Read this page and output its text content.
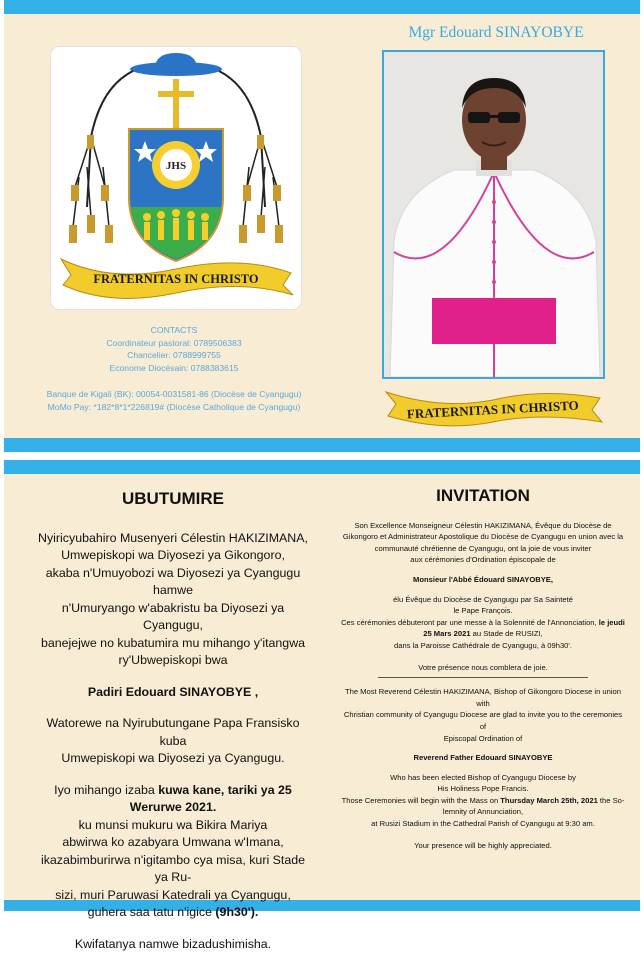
JHS
FRATERNITAS IN CHRISTO
CONTACTS
Coordinateur pastoral: 0789506383
Chancelier: 0788999755
Econome Diocésain: 0788383615
Banque de Kigali (BK): 00054-0031581-86 (Diocèse de Cyangugu)
MoMo Pay: *182*8*1*226819# (Diocèse Catholique de Cyangugu)
Mgr Edouard SINAYOBYE
FRATERNITAS IN CHRISTO
UBUTUMIRE

Nyiricyubahiro Musenyeri Célestin HAKIZIMANA,

Umwepiskopi wa Diyosezi ya Gikongoro,

akaba n'Umuyobozi wa Diyosezi ya Cyangugu hamwe

n'Umuryango w'abakristu ba Diyosezi ya Cyangugu,

banejejwe no kubatumira mu mihango y'itangwa

ry'Ubwepiskopi bwa

Padiri Edouard SINAYOBYE ,

Watorewe na Nyirubutungane Papa Fransisko kuba

Umwepiskopi wa Diyosezi ya Cyangugu.

Iyo mihango izaba kuwa kane, tariki ya 25 Werurwe 2021.

ku munsi mukuru wa Bikira Mariya

abwirwa ko azabyara Umwana w'Imana,

ikazabimburirwa n'igitambo cya misa, kuri Stade ya Ru-

sizi, muri Paruwasi Katedrali ya Cyangugu,

guhera saa tatu n'igice (9h30').

Kwifatanya namwe bizadushimisha.

INVITATION

Son Excellence Monseigneur Célestin HAKIZIMANA, Évêque du Diocèse de

Gikongoro et Administrateur Apostolique du Diocèse de Cyangugu en union avec la

communauté chrétienne de Cyangugu, ont la joie de vous inviter

aux cérémonies d'Ordination épiscopale de

Monsieur l'Abbé Édouard SINAYOBYE,

élu Évêque du Diocèse de Cyangugu par Sa Sainteté

le Pape François.

Ces cérémonies débuteront par une messe à la Solennité de l'Annonciation, le jeudi 25 Mars 2021 au Stade de RUSIZI,

dans la Paroisse Cathédrale de Cyangugu, à 09h30'.

Votre présence nous comblera de joie.

The Most Reverend Célestin HAKIZIMANA, Bishop of Gikongoro Diocese in union with

Christian community of Cyangugu Diocese are glad to invite you to the ceremonies of

Episcopal Ordination of

Reverend Father Edouard SINAYOBYE

Who has been elected Bishop of Cyangugu Diocese by

His Holiness Pope Francis.

Those Ceremonies will begin with the Mass on Thursday March 25th, 2021 the So-

lemnity of Annunciation,

at Rusizi Stadium in the Cathedral Parish of Cyangugu at 9:30 am.

Your presence will be highly appreciated.
